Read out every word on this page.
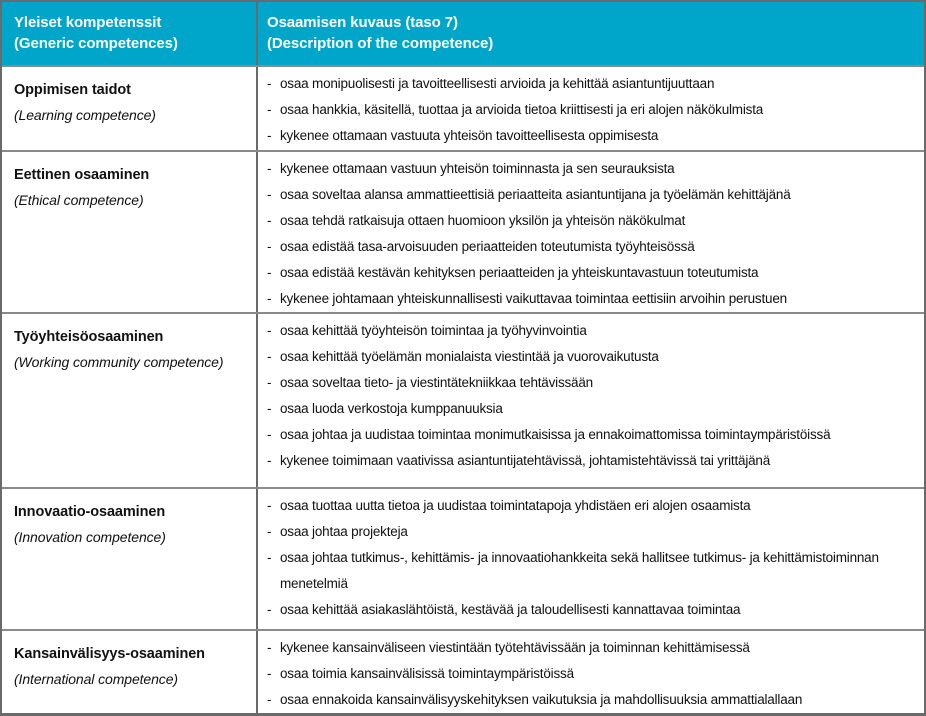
Yleiset kompetenssit
(Generic competences)
Osaamisen kuvaus (taso 7)
(Description of the competence)
Oppimisen taidot
(Learning competence)
- osaa monipuolisesti ja tavoitteellisesti arvioida ja kehittää asiantuntijuuttaan
- osaa hankkia, käsitellä, tuottaa ja arvioida tietoa kriittisesti ja eri alojen näkökulmista
- kykenee ottamaan vastuuta yhteisön tavoitteellisesta oppimisesta
Eettinen osaaminen
(Ethical competence)
- kykenee ottamaan vastuun yhteisön toiminnasta ja sen seurauksista
- osaa soveltaa alansa ammattieettisiä periaatteita asiantuntijana ja työelämän kehittäjänä
- osaa tehdä ratkaisuja ottaen huomioon yksilön ja yhteisön näkökulmat
- osaa edistää tasa-arvoisuuden periaatteiden toteutumista työyhteisössä
- osaa edistää kestävän kehityksen periaatteiden ja yhteiskuntavastuun toteutumista
- kykenee johtamaan yhteiskunnallisesti vaikuttavaa toimintaa eettisiin arvoihin perustuen
Työyhteisöosaaminen
(Working community competence)
- osaa kehittää työyhteisön toimintaa ja työhyvinvointia
- osaa kehittää työelämän monialaista viestintää ja vuorovaikutusta
- osaa soveltaa tieto- ja viestintätekniikkaa tehtävissään
- osaa luoda verkostoja kumppanuuksia
- osaa johtaa ja uudistaa toimintaa monimutkaisissa ja ennakoimattomissa toimintaympäristöissä
- kykenee toimimaan vaativissa asiantuntijatehtävissä, johtamistehtävissä tai yrittäjänä
Innovaatio-osaaminen
(Innovation competence)
- osaa tuottaa uutta tietoa ja uudistaa toimintatapoja yhdistäen eri alojen osaamista
- osaa johtaa projekteja
- osaa johtaa tutkimus-, kehittämis- ja innovaatiohankkeita sekä hallitsee tutkimus- ja kehittämistoiminnan menetelmiä
- osaa kehittää asiakaslähtöistä, kestävää ja taloudellisesti kannattavaa toimintaa
Kansainvälisyys-osaaminen
(International competence)
- kykenee kansainväliseen viestintään työtehtävissään ja toiminnan kehittämisessä
- osaa toimia kansainvälisissä toimintaympäristöissä
- osaa ennakoida kansainvälisyyskehityksen vaikutuksia ja mahdollisuuksia ammattialallaan
